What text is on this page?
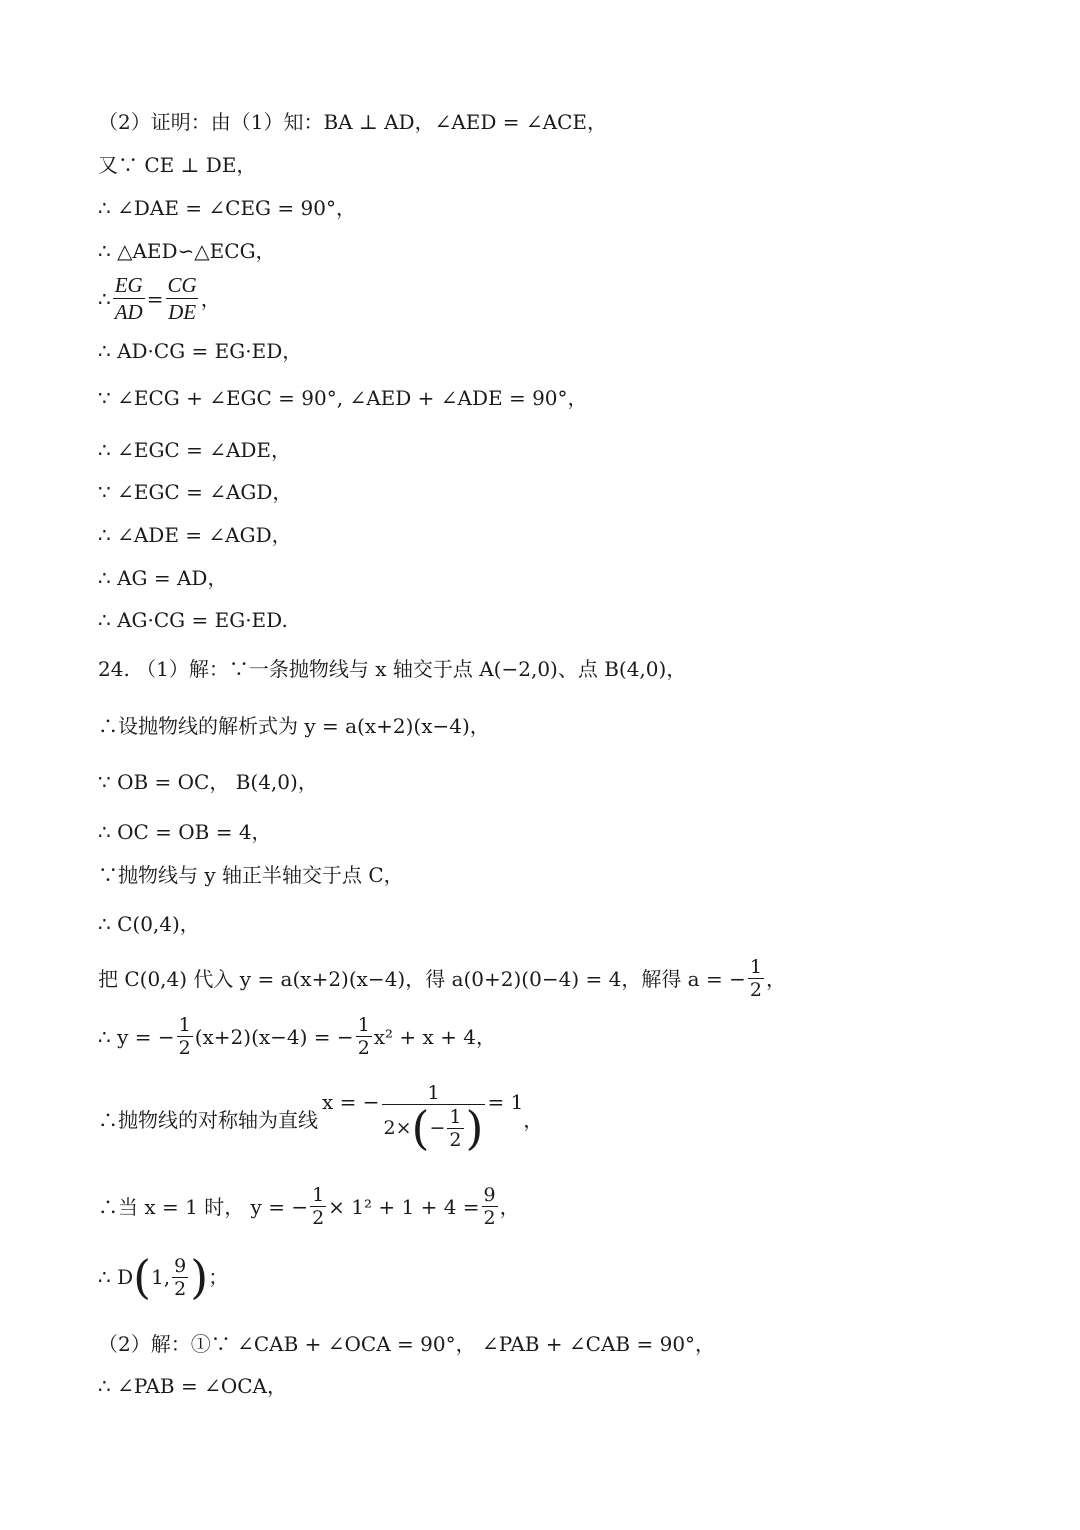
（2）证明：由（1）知：BA ⊥ AD，∠AED = ∠ACE，
又∵ CE ⊥ DE，
∴ ∠DAE = ∠CEG = 90°，
∴ △AED∽△ECG，
∴ $\frac{EG}{AD} = \frac{CG}{DE}$ ，
∴ AD·CG = EG·ED，
∵ ∠ECG + ∠EGC = 90°, ∠AED + ∠ADE = 90°，
∴ ∠EGC = ∠ADE，
∵ ∠EGC = ∠AGD，
∴ ∠ADE = ∠AGD，
∴ AG = AD，
∴ AG·CG = EG·ED.
24. （1）解：∵一条抛物线与 x 轴交于点 A(−2,0)、点 B(4,0)，
∴设抛物线的解析式为 y = a(x+2)(x−4)，
∵ OB = OC， B(4,0)，
∴ OC = OB = 4，
∵抛物线与 y 轴正半轴交于点 C，
∴ C(0,4)，
把 C(0,4) 代入 y = a(x+2)(x−4)，得 a(0+2)(0−4) = 4，解得 a = − $\frac{1}{2}$ ，
∴ y = − $\frac{1}{2} (x+2)(x-4)$ = − $\frac{1}{2} x^2 + x + 4$，
∴抛物线的对称轴为直线
x = −	1
2× ( − $\frac{1}{2}$ ) = 1
，
∴当 x = 1 时， y = − $\frac{1}{2} \times 1^2 + 1 + 4 = \frac{9}{2}$ ，
∴ D ( 1, $\frac{9}{2}$ ) ；
（2）解：①∵ ∠CAB + ∠OCA = 90°， ∠PAB + ∠CAB = 90°，
∴ ∠PAB = ∠OCA，
